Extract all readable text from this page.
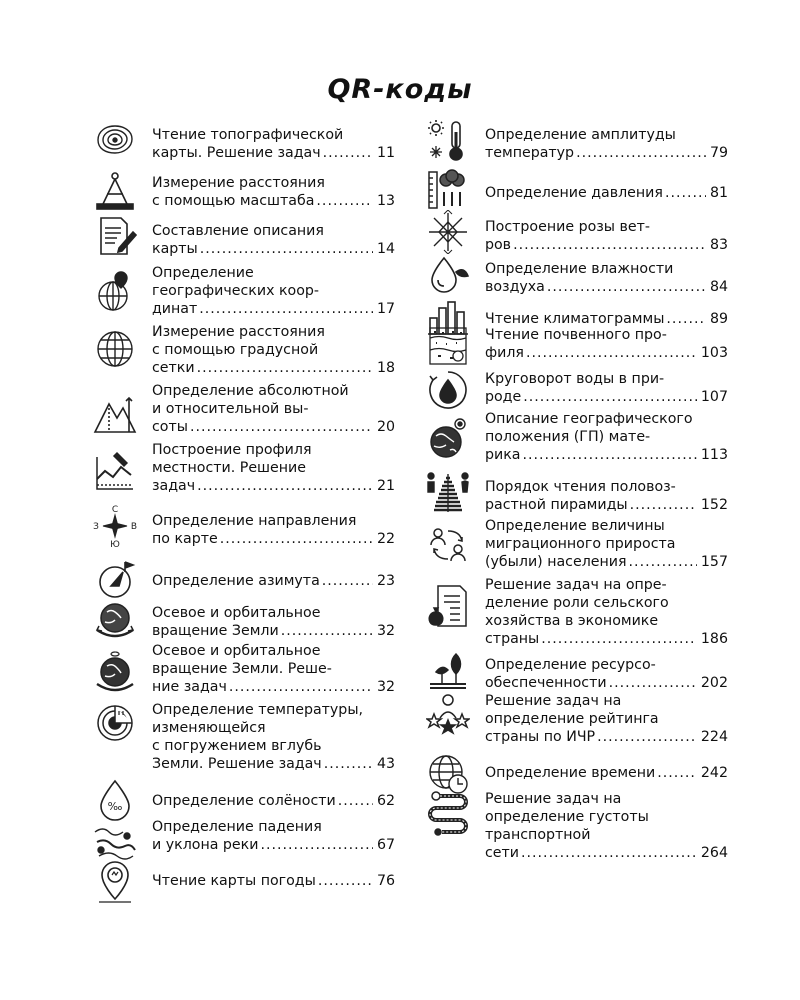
QR-коды
Чтение топографической
карты. Решение задач .....	11
Измерение расстояния
с помощью масштаба .....	13
Составление описания
карты .....	14
Определение
географических коор-
динат .....	17
Измерение расстояния
с помощью градусной
сетки .....	18
Определение абсолютной
и относительной вы-
соты .....	20
Построение профиля
местности. Решение
задач .....	21
С
З	В
Ю
Определение направления
по карте .....	22
Определение азимута .....	23
Осевое и орбитальное
вращение Земли .....	32
Осевое и орбитальное
вращение Земли. Реше-
ние задач .....	32
Определение температуры,
изменяющейся
с погружением вглубь
Земли. Решение задач .....	43
‰ Определение солёности .....	62
Определение падения
и уклона реки .....	67
Чтение карты погоды .....	76
Определение амплитуды
температур .....	79
Определение давления .....	81
Построение розы вет-
ров .....	83
Определение влажности
воздуха .....	84
Чтение климатограммы .....	89
Чтение почвенного про-
филя .....	103
Круговорот воды в при-
роде .....	107
Описание географического
положения (ГП) мате-
рика .....	113
Порядок чтения половоз-
растной пирамиды .....	152
Определение величины
миграционного прироста
(убыли) населения .....	157
Решение задач на опре-
деление роли сельского
хозяйства в экономике
страны .....	186
Определение ресурсо-
обеспеченности .....	202
Решение задач на
определение рейтинга
страны по ИЧР .....	224
Определение времени .....	242
Решение задач на
определение густоты
транспортной
сети .....	264
